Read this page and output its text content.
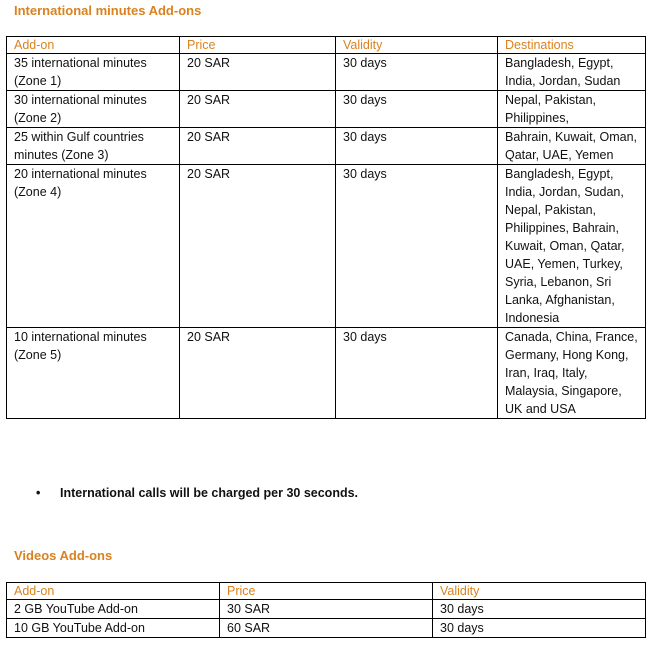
International minutes Add-ons
Add-on	Price	Validity	Destinations
35 international minutes (Zone 1)	20 SAR	30 days	Bangladesh, Egypt, India, Jordan, Sudan
30 international minutes (Zone 2)	20 SAR	30 days	Nepal, Pakistan, Philippines,
25 within Gulf countries minutes (Zone 3)	20 SAR	30 days	Bahrain, Kuwait, Oman, Qatar, UAE, Yemen
20 international minutes (Zone 4)	20 SAR	30 days	Bangladesh, Egypt, India, Jordan, Sudan, Nepal, Pakistan, Philippines, Bahrain, Kuwait, Oman, Qatar, UAE, Yemen, Turkey, Syria, Lebanon, Sri Lanka, Afghanistan, Indonesia
10 international minutes (Zone 5)	20 SAR	30 days	Canada, China, France, Germany, Hong Kong, Iran, Iraq, Italy, Malaysia, Singapore, UK and USA
• International calls will be charged per 30 seconds.
Videos Add-ons
Add-on	Price	Validity
2 GB YouTube Add-on	30 SAR	30 days
10 GB YouTube Add-on	60 SAR	30 days
